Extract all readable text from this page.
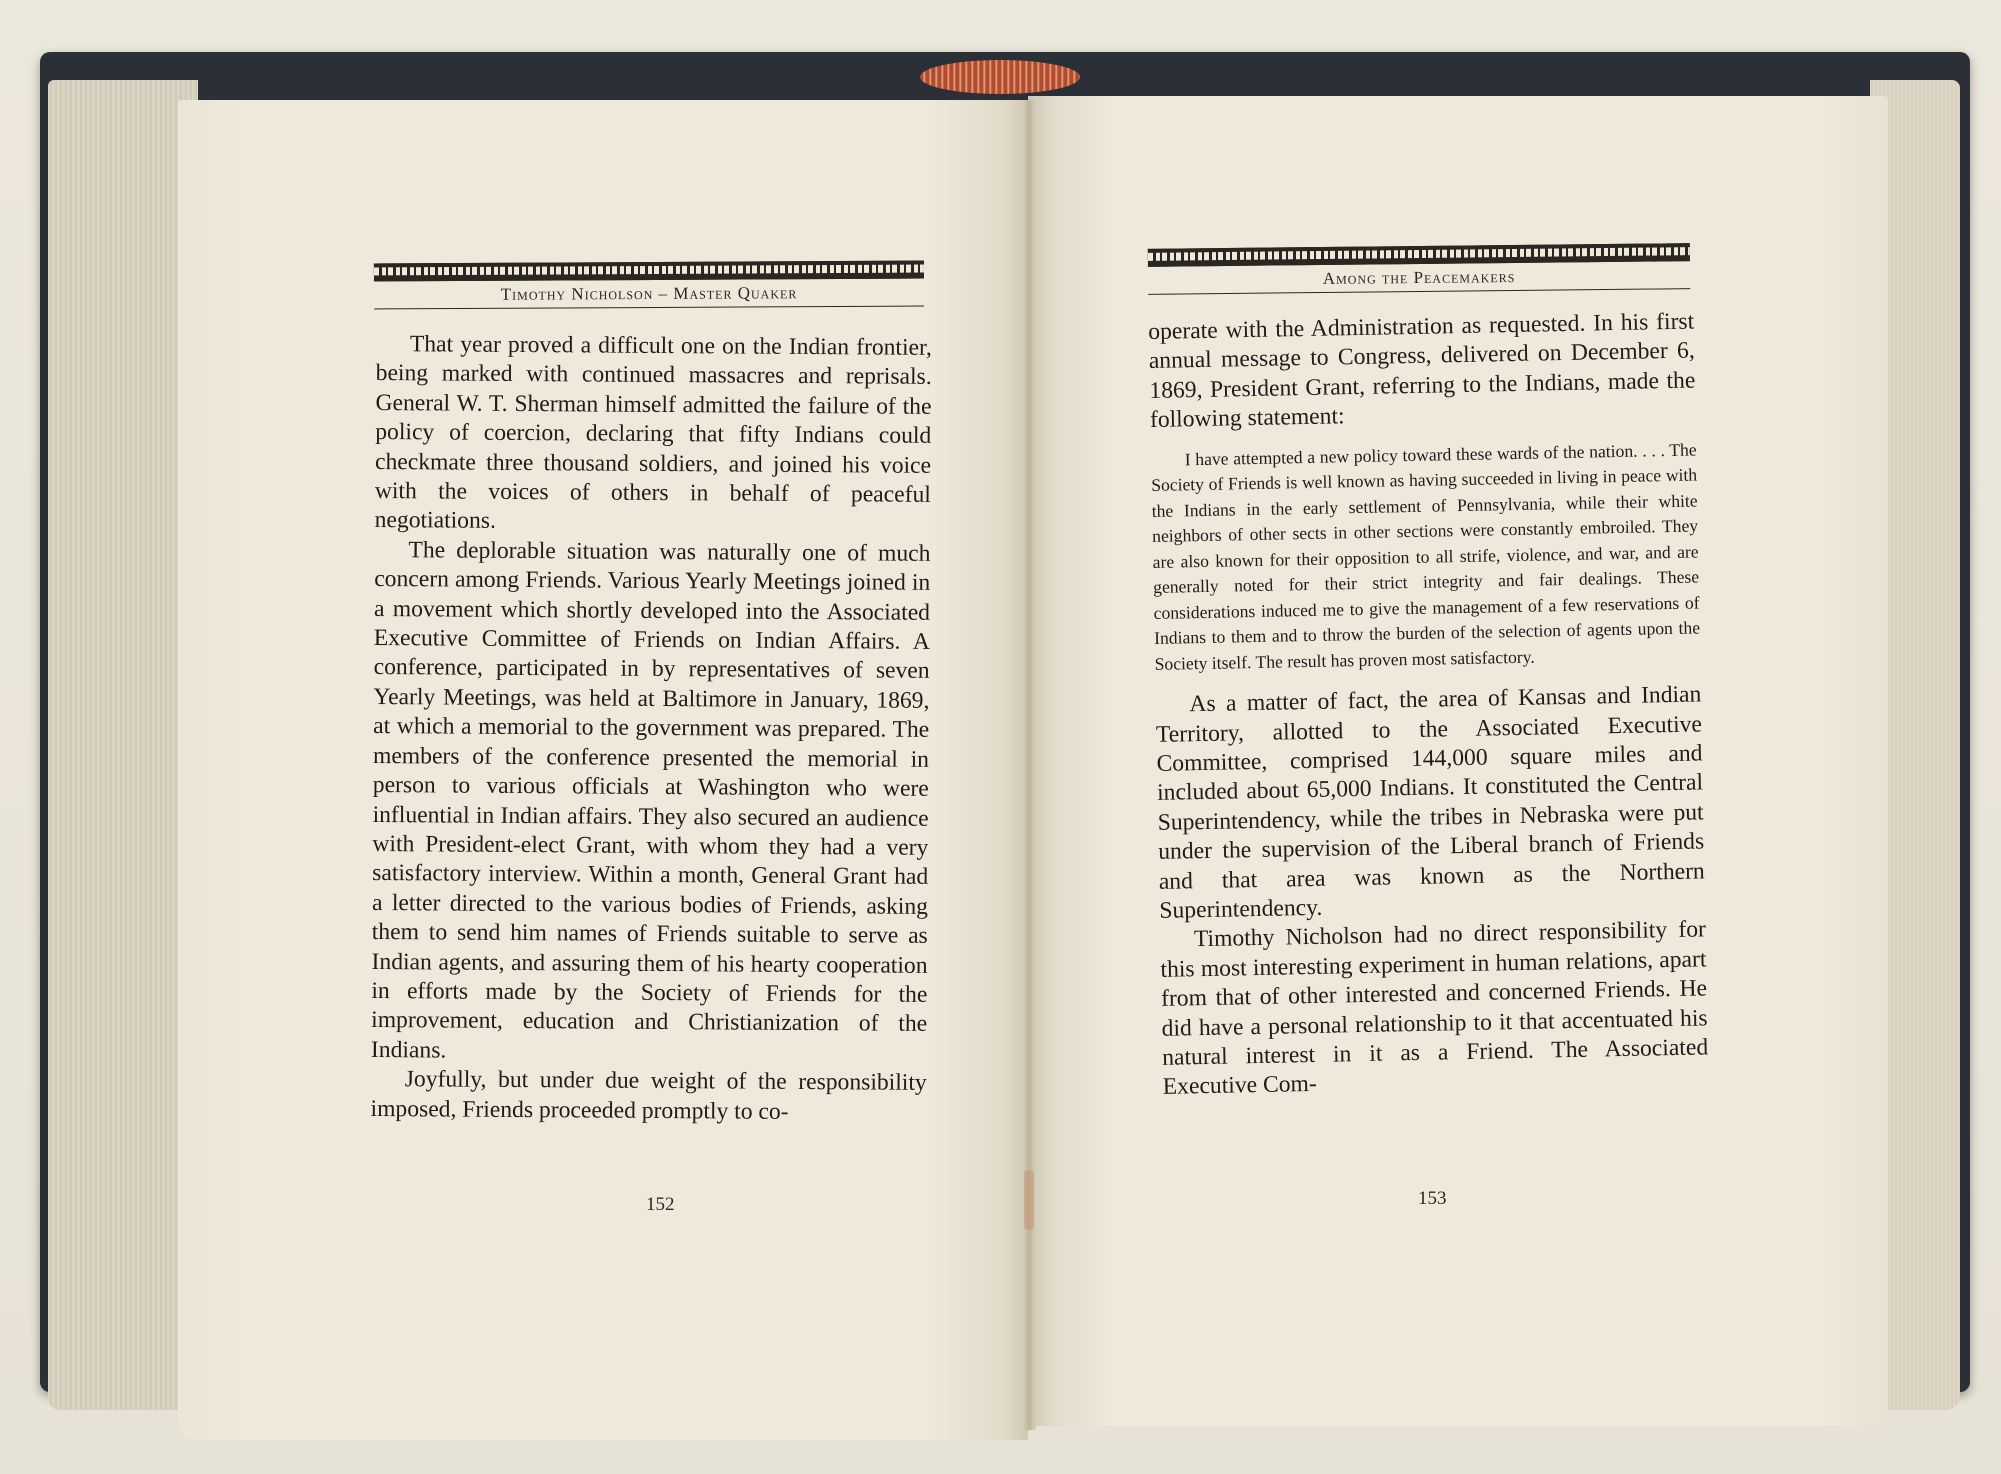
Timothy Nicholson – Master Quaker

That year proved a difficult one on the Indian frontier, being marked with continued massacres and reprisals. General W. T. Sherman himself admitted the failure of the policy of coercion, declaring that fifty Indians could checkmate three thousand soldiers, and joined his voice with the voices of others in behalf of peaceful negotiations.

The deplorable situation was naturally one of much concern among Friends. Various Yearly Meetings joined in a movement which shortly developed into the Associated Executive Committee of Friends on Indian Affairs. A conference, participated in by representatives of seven Yearly Meetings, was held at Baltimore in January, 1869, at which a memorial to the government was prepared. The members of the conference presented the memorial in person to various officials at Washington who were influential in Indian affairs. They also secured an audience with President-elect Grant, with whom they had a very satisfactory interview. Within a month, General Grant had a letter directed to the various bodies of Friends, asking them to send him names of Friends suitable to serve as Indian agents, and assuring them of his hearty cooperation in efforts made by the Society of Friends for the improvement, education and Christianization of the Indians.

Joyfully, but under due weight of the responsibility imposed, Friends proceeded promptly to co-

152
Among the Peacemakers

operate with the Administration as requested. In his first annual message to Congress, delivered on December 6, 1869, President Grant, referring to the Indians, made the following statement:

I have attempted a new policy toward these wards of the nation. . . . The Society of Friends is well known as having succeeded in living in peace with the Indians in the early settlement of Pennsylvania, while their white neighbors of other sects in other sections were constantly embroiled. They are also known for their opposition to all strife, violence, and war, and are generally noted for their strict integrity and fair dealings. These considerations induced me to give the management of a few reservations of Indians to them and to throw the burden of the selection of agents upon the Society itself. The result has proven most satisfactory.

As a matter of fact, the area of Kansas and Indian Territory, allotted to the Associated Executive Committee, comprised 144,000 square miles and included about 65,000 Indians. It constituted the Central Superintendency, while the tribes in Nebraska were put under the supervision of the Liberal branch of Friends and that area was known as the Northern Superintendency.

Timothy Nicholson had no direct responsibility for this most interesting experiment in human relations, apart from that of other interested and concerned Friends. He did have a personal relationship to it that accentuated his natural interest in it as a Friend. The Associated Executive Com-

153
